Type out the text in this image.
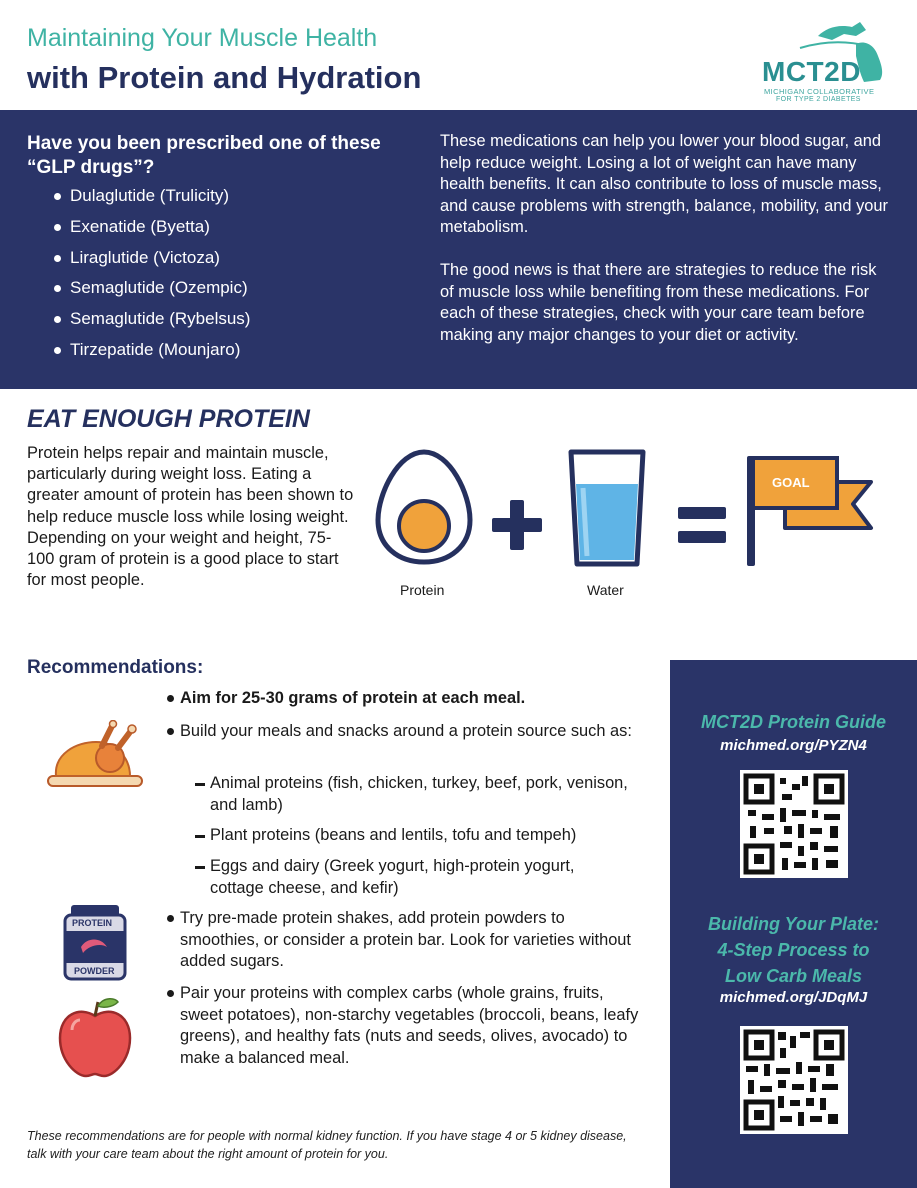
Maintaining Your Muscle Health
with Protein and Hydration	MCT2D
MICHIGAN COLLABORATIVE
FOR TYPE 2 DIABETES
Have you been prescribed one of these “GLP drugs”?
Dulaglutide (Trulicity)
Exenatide (Byetta)
Liraglutide (Victoza)
Semaglutide (Ozempic)
Semaglutide (Rybelsus)
Tirzepatide (Mounjaro)

These medications can help you lower your blood sugar, and help reduce weight. Losing a lot of weight can have many health benefits. It can also contribute to loss of muscle mass, and cause problems with strength, balance, mobility, and your metabolism.

The good news is that there are strategies to reduce the risk of muscle loss while benefiting from these medications. For each of these strategies, check with your care team before making any major changes to your diet or activity.

EAT ENOUGH PROTEIN

Protein helps repair and maintain muscle, particularly during weight loss. Eating a greater amount of protein has been shown to help reduce muscle loss while losing weight. Depending on your weight and height, 75-100 gram of protein is a good place to start for most people.

Protein	Water
GOAL
Recommendations:
PROTEIN
POWDER
Aim for 25-30 grams of protein at each meal.
Build your meals and snacks around a protein source such as:
Animal proteins (fish, chicken, turkey, beef, pork, venison, and lamb)
Plant proteins (beans and lentils, tofu and tempeh)
Eggs and dairy (Greek yogurt, high-protein yogurt, cottage cheese, and kefir)
Try pre-made protein shakes, add protein powders to smoothies, or consider a protein bar. Look for varieties without added sugars.
Pair your proteins with complex carbs (whole grains, fruits, sweet potatoes), non-starchy vegetables (broccoli, beans, leafy greens), and healthy fats (nuts and seeds, olives, avocado) to make a balanced meal.

These recommendations are for people with normal kidney function. If you have stage 4 or 5 kidney disease, talk with your care team about the right amount of protein for you.

MCT2D Protein Guide
michmed.org/PYZN4
Building Your Plate:
4-Step Process to
Low Carb Meals
michmed.org/JDqMJ
